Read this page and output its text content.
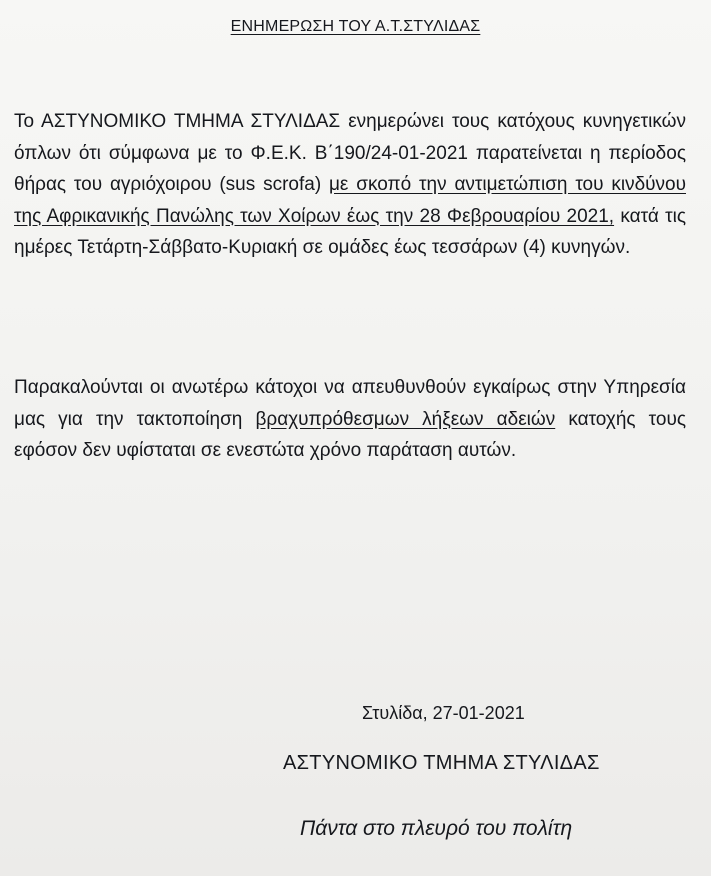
ΕΝΗΜΕΡΩΣΗ ΤΟΥ Α.Τ.ΣΤΥΛΙΔΑΣ
Το ΑΣΤΥΝΟΜΙΚΟ ΤΜΗΜΑ ΣΤΥΛΙΔΑΣ ενημερώνει τους κατόχους κυνηγετικών όπλων ότι σύμφωνα με το Φ.Ε.Κ. Β΄190/24-01-2021 παρατείνεται η περίοδος θήρας του αγριόχοιρου (sus scrofa) με σκοπό την αντιμετώπιση του κινδύνου της Αφρικανικής Πανώλης των Χοίρων έως την 28 Φεβρουαρίου 2021, κατά τις ημέρες Τετάρτη-Σάββατο-Κυριακή σε ομάδες έως τεσσάρων (4) κυνηγών.
Παρακαλούνται οι ανωτέρω κάτοχοι να απευθυνθούν εγκαίρως στην Υπηρεσία μας για την τακτοποίηση βραχυπρόθεσμων λήξεων αδειών κατοχής τους εφόσον δεν υφίσταται σε ενεστώτα χρόνο παράταση αυτών.
Στυλίδα, 27-01-2021
ΑΣΤΥΝΟΜΙΚΟ ΤΜΗΜΑ ΣΤΥΛΙΔΑΣ
Πάντα στο πλευρό του πολίτη
